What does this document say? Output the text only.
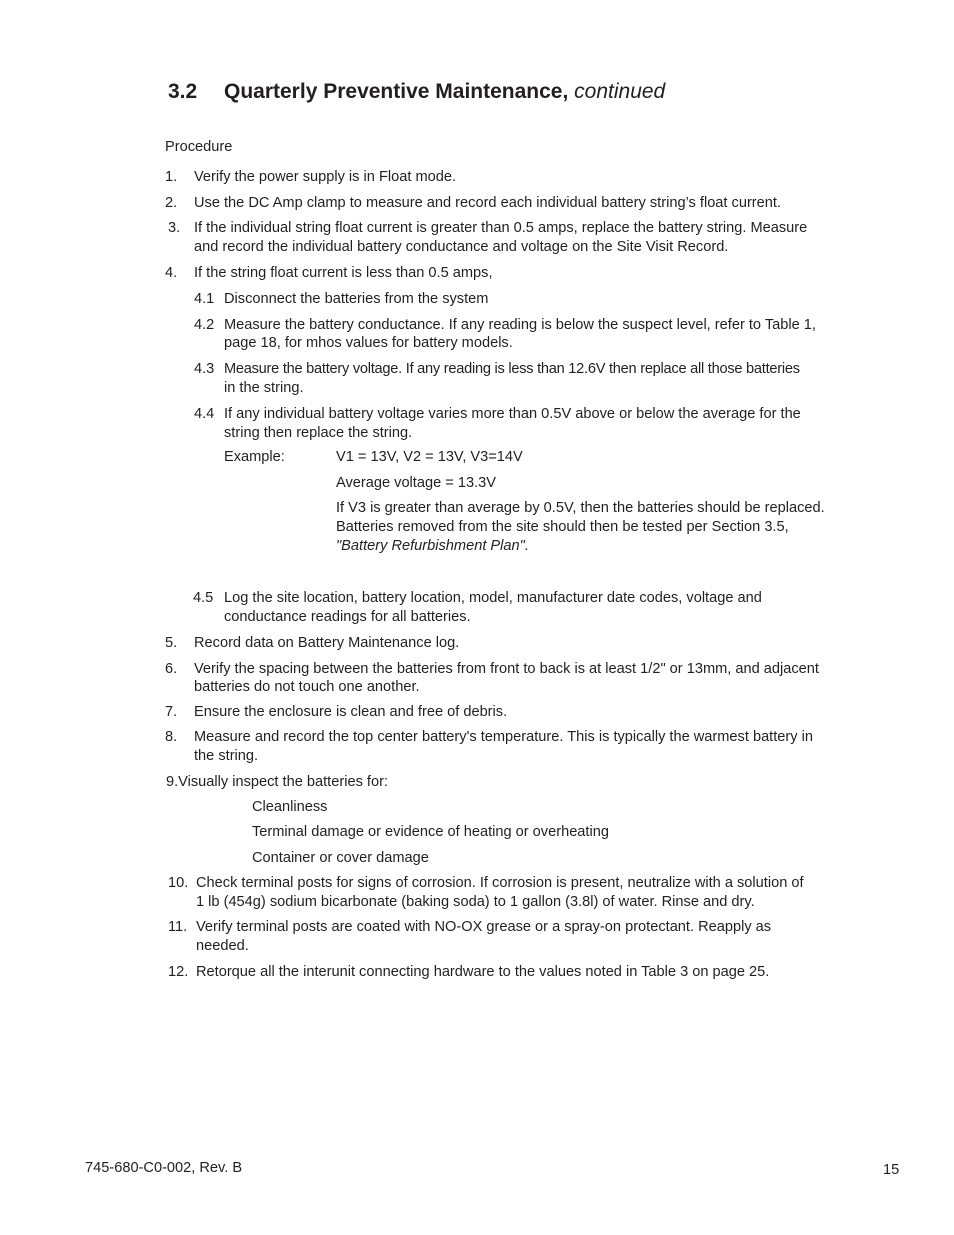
3.2 Quarterly Preventive Maintenance, continued
Procedure
1. Verify the power supply is in Float mode.
2. Use the DC Amp clamp to measure and record each individual battery string’s float current.
3. If the individual string float current is greater than 0.5 amps, replace the battery string. Measure
and record the individual battery conductance and voltage on the Site Visit Record.
4. If the string float current is less than 0.5 amps,
4.1 Disconnect the batteries from the system
4.2 Measure the battery conductance. If any reading is below the suspect level, refer to Table 1,
page 18, for mhos values for battery models.
4.3 Measure the battery voltage. If any reading is less than 12.6V then replace all those batteries
in the string.
4.4 If any individual battery voltage varies more than 0.5V above or below the average for the
string then replace the string.
Example:	V1 = 13V, V2 = 13V, V3=14V
Average voltage = 13.3V
If V3 is greater than average by 0.5V, then the batteries should be replaced.
Batteries removed from the site should then be tested per Section 3.5,
"Battery Refurbishment Plan".
4.5 Log the site location, battery location, model, manufacturer date codes, voltage and
conductance readings for all batteries.
5. Record data on Battery Maintenance log.
6. Verify the spacing between the batteries from front to back is at least 1/2" or 13mm, and adjacent
batteries do not touch one another.
7. Ensure the enclosure is clean and free of debris.
8. Measure and record the top center battery's temperature. This is typically the warmest battery in
the string.
9.Visually inspect the batteries for:
Cleanliness
Terminal damage or evidence of heating or overheating
Container or cover damage
10. Check terminal posts for signs of corrosion. If corrosion is present, neutralize with a solution of
1 lb (454g) sodium bicarbonate (baking soda) to 1 gallon (3.8l) of water. Rinse and dry.
11. Verify terminal posts are coated with NO-OX grease or a spray-on protectant. Reapply as
needed.
12. Retorque all the interunit connecting hardware to the values noted in Table 3 on page 25.
745-680-C0-002, Rev. B	15
